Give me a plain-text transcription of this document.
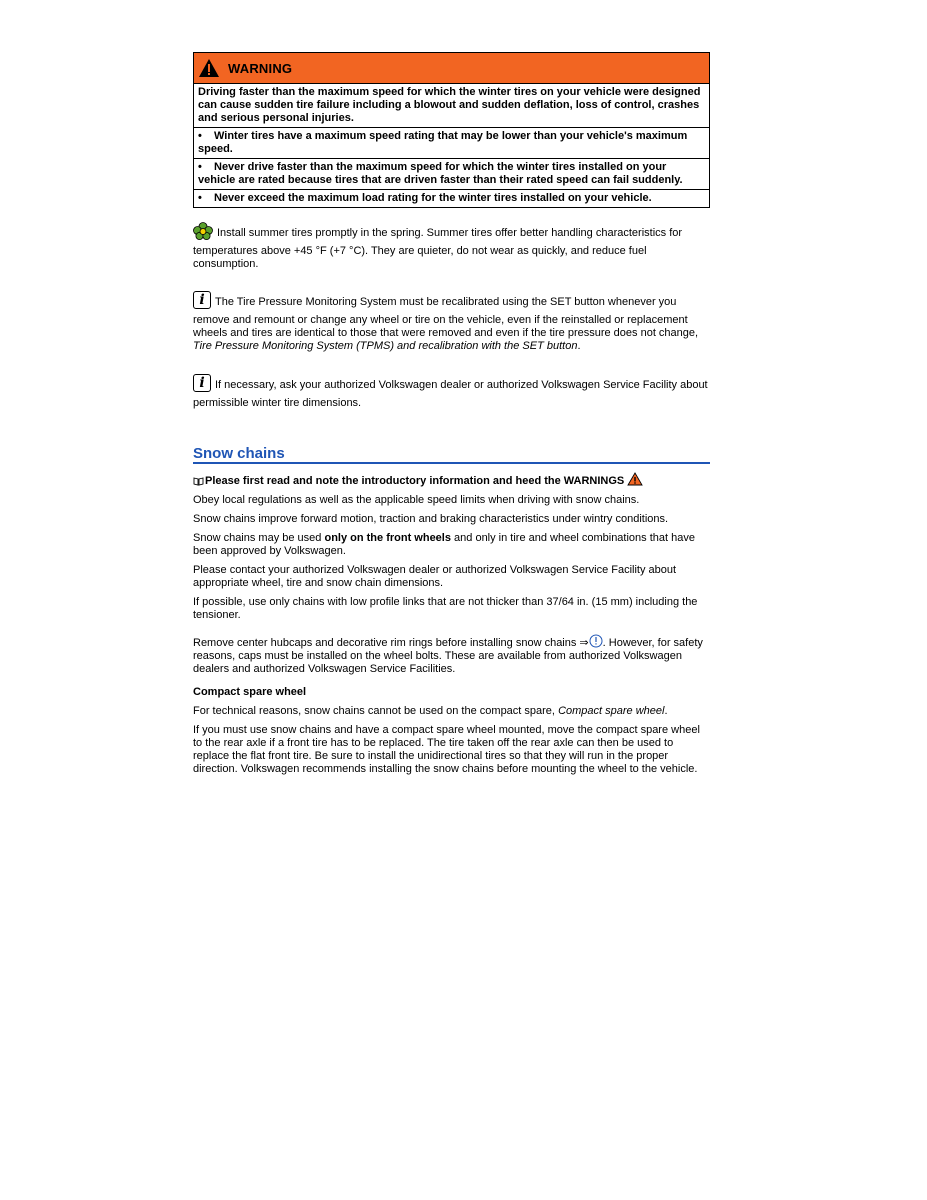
WARNING
Driving faster than the maximum speed for which the winter tires on your vehicle were designed can cause sudden tire failure including a blowout and sudden deflation, loss of control, crashes and serious personal injuries.
• Winter tires have a maximum speed rating that may be lower than your vehicle's maximum speed.
• Never drive faster than the maximum speed for which the winter tires installed on your vehicle are rated because tires that are driven faster than their rated speed can fail suddenly.
• Never exceed the maximum load rating for the winter tires installed on your vehicle.
Install summer tires promptly in the spring. Summer tires offer better handling characteristics for temperatures above +45 °F (+7 °C). They are quieter, do not wear as quickly, and reduce fuel consumption.
i The Tire Pressure Monitoring System must be recalibrated using the SET button whenever you remove and remount or change any wheel or tire on the vehicle, even if the reinstalled or replacement wheels and tires are identical to those that were removed and even if the tire pressure does not change, Tire Pressure Monitoring System (TPMS) and recalibration with the SET button.
i If necessary, ask your authorized Volkswagen dealer or authorized Volkswagen Service Facility about permissible winter tire dimensions.
Snow chains
Please first read and note the introductory information and heed the WARNINGS

Obey local regulations as well as the applicable speed limits when driving with snow chains.

Snow chains improve forward motion, traction and braking characteristics under wintry conditions.

Snow chains may be used only on the front wheels and only in tire and wheel combinations that have been approved by Volkswagen.

Please contact your authorized Volkswagen dealer or authorized Volkswagen Service Facility about appropriate wheel, tire and snow chain dimensions.

If possible, use only chains with low profile links that are not thicker than 37/64 in. (15 mm) including the tensioner.

Remove center hubcaps and decorative rim rings before installing snow chains ⇒ . However, for safety reasons, caps must be installed on the wheel bolts. These are available from authorized Volkswagen dealers and authorized Volkswagen Service Facilities.

Compact spare wheel

For technical reasons, snow chains cannot be used on the compact spare, Compact spare wheel.

If you must use snow chains and have a compact spare wheel mounted, move the compact spare wheel to the rear axle if a front tire has to be replaced. The tire taken off the rear axle can then be used to replace the flat front tire. Be sure to install the unidirectional tires so that they will run in the proper direction. Volkswagen recommends installing the snow chains before mounting the wheel to the vehicle.
